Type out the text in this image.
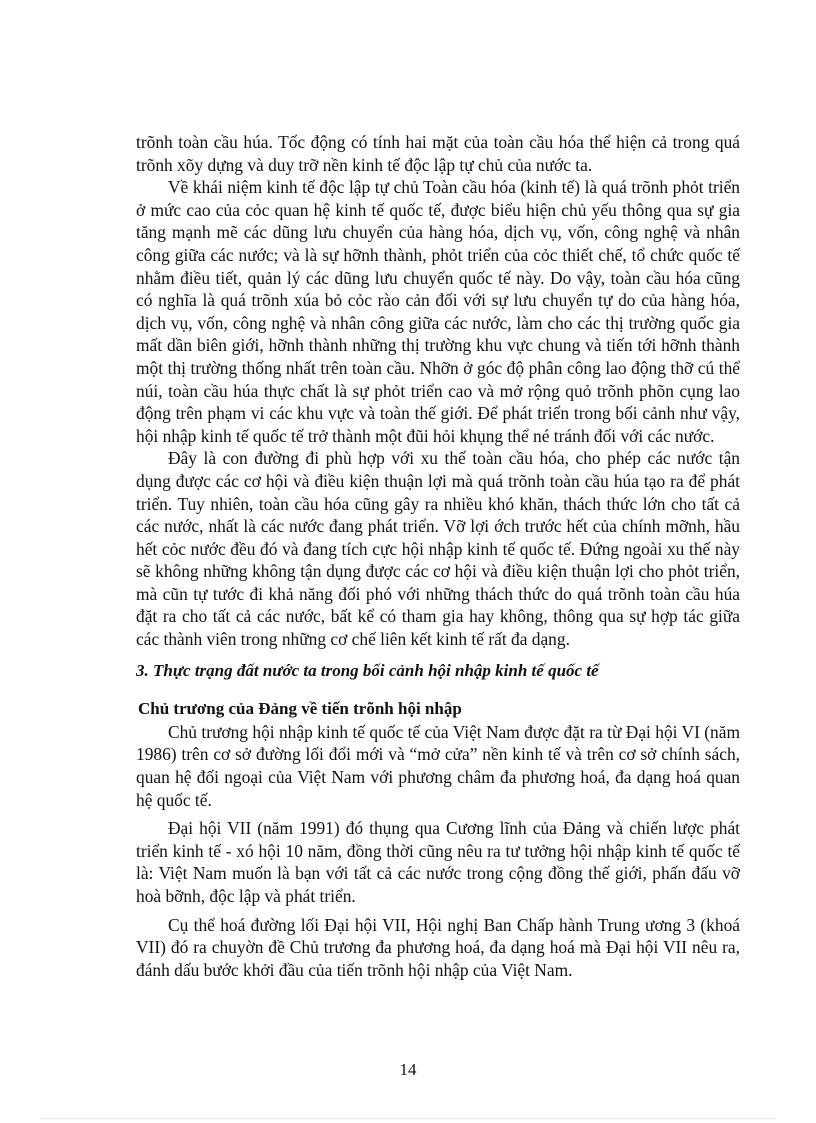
trõnh toàn cầu húa. Tốc động có tính hai mặt của toàn cầu hóa thể hiện cả trong quá trõnh xõy dựng và duy trỡ nền kinh tế độc lập tự chủ của nước ta.

Về khái niệm kinh tế độc lập tự chủ Toàn cầu hóa (kinh tế) là quá trõnh phỏt triển ở mức cao của cỏc quan hệ kinh tế quốc tế, được biểu hiện chủ yếu thông qua sự gia tăng mạnh mẽ các dũng lưu chuyển của hàng hóa, dịch vụ, vốn, công nghệ và nhân công giữa các nước; và là sự hỡnh thành, phỏt triển của cỏc thiết chế, tổ chức quốc tế nhằm điều tiết, quản lý các dũng lưu chuyển quốc tế này. Do vậy, toàn cầu hóa cũng có nghĩa là quá trõnh xúa bỏ cỏc rào cản đối với sự lưu chuyển tự do của hàng hóa, dịch vụ, vốn, công nghệ và nhân công giữa các nước, làm cho các thị trường quốc gia mất dần biên giới, hỡnh thành những thị trường khu vực chung và tiến tới hỡnh thành một thị trường thống nhất trên toàn cầu. Nhỡn ở góc độ phân công lao động thỡ cú thể núi, toàn cầu húa thực chất là sự phỏt triển cao và mở rộng quỏ trõnh phõn cụng lao động trên phạm vi các khu vực và toàn thế giới. Để phát triển trong bối cảnh như vậy, hội nhập kinh tế quốc tế trở thành một đũi hỏi khụng thể né tránh đối với các nước.

Đây là con đường đi phù hợp với xu thế toàn cầu hóa, cho phép các nước tận dụng được các cơ hội và điều kiện thuận lợi mà quá trõnh toàn cầu húa tạo ra để phát triển. Tuy nhiên, toàn cầu hóa cũng gây ra nhiều khó khăn, thách thức lớn cho tất cả các nước, nhất là các nước đang phát triển. Vỡ lợi ớch trước hết của chính mỡnh, hầu hết cỏc nước đều đó và đang tích cực hội nhập kinh tế quốc tế. Đứng ngoài xu thế này sẽ không những không tận dụng được các cơ hội và điều kiện thuận lợi cho phỏt triển, mà cũn tự tước đi khả năng đối phó với những thách thức do quá trõnh toàn cầu húa đặt ra cho tất cả các nước, bất kể có tham gia hay không, thông qua sự hợp tác giữa các thành viên trong những cơ chế liên kết kinh tế rất đa dạng.

3. Thực trạng đất nước ta trong bối cảnh hội nhập kinh tế quốc tế
Chủ trương của Đảng về tiến trõnh hội nhập

Chủ trương hội nhập kinh tế quốc tế của Việt Nam được đặt ra từ Đại hội VI (năm 1986) trên cơ sở đường lối đổi mới và “mở cửa” nền kinh tế và trên cơ sở chính sách, quan hệ đối ngoại của Việt Nam với phương châm đa phương hoá, đa dạng hoá quan hệ quốc tế.

Đại hội VII (năm 1991) đó thụng qua Cương lĩnh của Đảng và chiến lược phát triển kinh tế - xó hội 10 năm, đồng thời cũng nêu ra tư tưởng hội nhập kinh tế quốc tế là: Việt Nam muốn là bạn với tất cả các nước trong cộng đồng thế giới, phấn đấu vỡ hoà bỡnh, độc lập và phát triển.

Cụ thể hoá đường lối Đại hội VII, Hội nghị Ban Chấp hành Trung ương 3 (khoá VII) đó ra chuyờn đề Chủ trương đa phương hoá, đa dạng hoá mà Đại hội VII nêu ra, đánh dấu bước khởi đầu của tiến trõnh hội nhập của Việt Nam.

14
